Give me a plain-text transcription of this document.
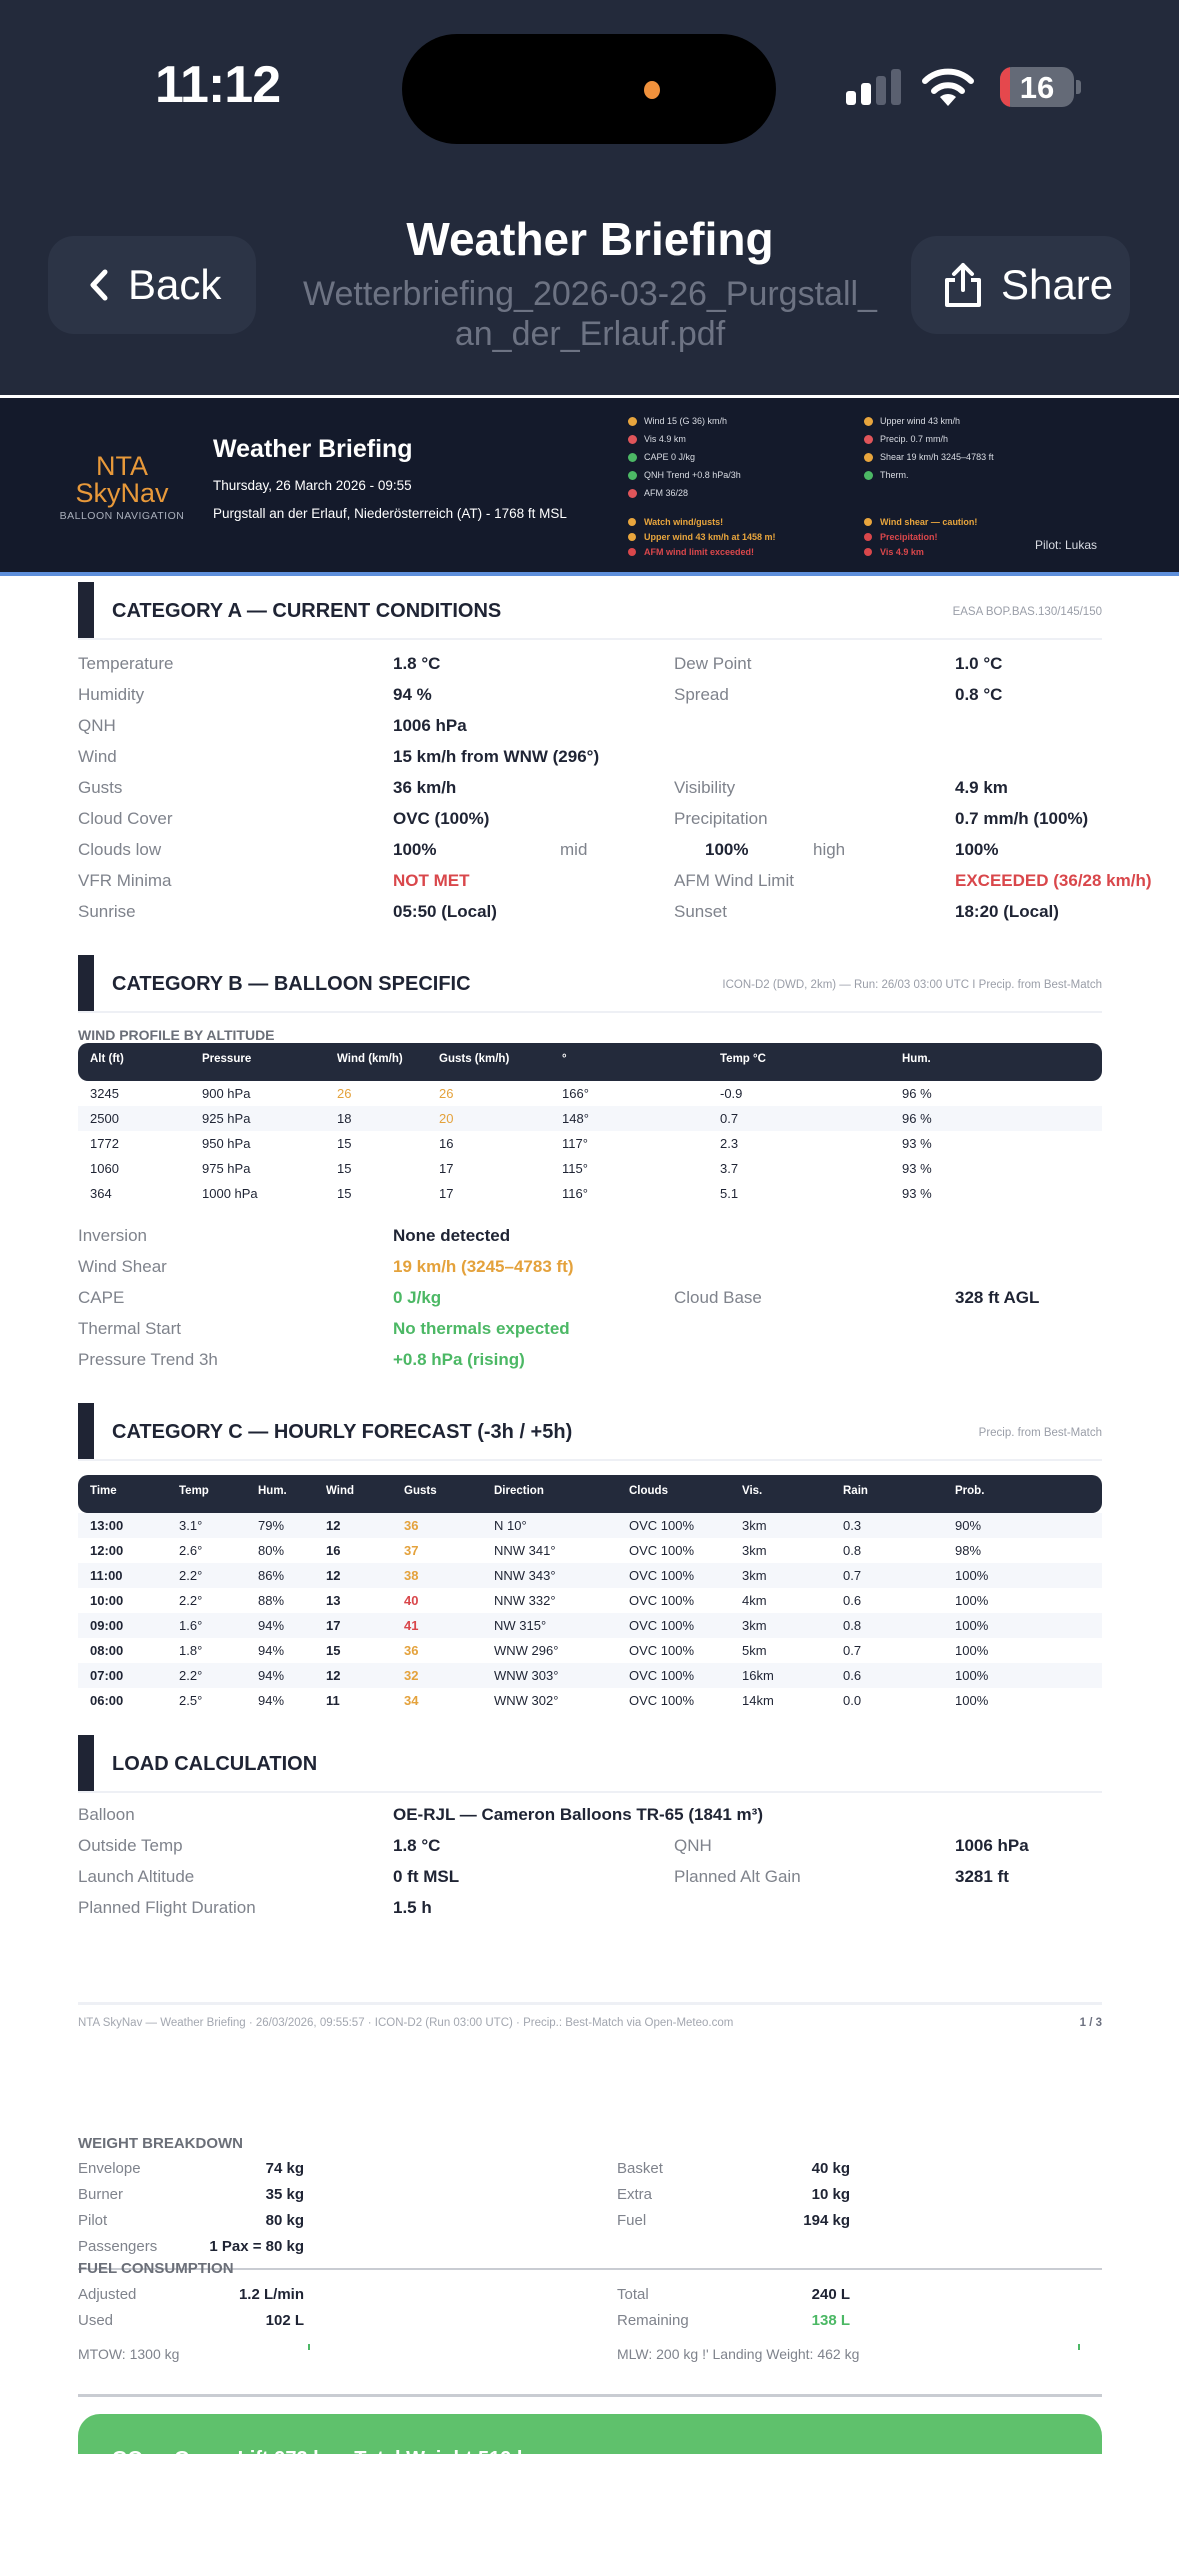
11:12	16
Back
Weather Briefing
Wetterbriefing_2026-03-26_Purgstall_an_der_Erlauf.pdf
Share
NTA
SkyNav
BALLOON NAVIGATION
Weather Briefing
Thursday, 26 March 2026 - 09:55
Purgstall an der Erlauf, Niederösterreich (AT) - 1768 ft MSL
Wind 15 (G 36) km/h
Vis 4.9 km
CAPE 0 J/kg
QNH Trend +0.8 hPa/3h
AFM 36/28
Upper wind 43 km/h
Precip. 0.7 mm/h
Shear 19 km/h 3245–4783 ft
Therm.
Watch wind/gusts!
Upper wind 43 km/h at 1458 m!
AFM wind limit exceeded!
Wind shear — caution!
Precipitation!
Vis 4.9 km	Pilot: Lukas
CATEGORY A — CURRENT CONDITIONS	EASA BOP.BAS.130/145/150
Temperature	1.8 °C	Dew Point	1.0 °C
Humidity	94 %	Spread	0.8 °C
QNH	1006 hPa
Wind	15 km/h from WNW (296°)
Gusts	36 km/h	Visibility	4.9 km
Cloud Cover	OVC (100%)	Precipitation	0.7 mm/h (100%)
Clouds low	100%	mid	100%	high	100%
VFR Minima	NOT MET	AFM Wind Limit	EXCEEDED (36/28 km/h)
Sunrise	05:50 (Local)	Sunset	18:20 (Local)
CATEGORY B — BALLOON SPECIFIC	ICON-D2 (DWD, 2km) — Run: 26/03 03:00 UTC I Precip. from Best-Match
WIND PROFILE BY ALTITUDE
Alt (ft)	Pressure	Wind (km/h)	Gusts (km/h)	°	Temp °C	Hum.
3245	900 hPa	26	26	166°	-0.9	96 %
2500	925 hPa	18	20	148°	0.7	96 %
1772	950 hPa	15	16	117°	2.3	93 %
1060	975 hPa	15	17	115°	3.7	93 %
364	1000 hPa	15	17	116°	5.1	93 %
Inversion	None detected
Wind Shear	19 km/h (3245–4783 ft)
CAPE	0 J/kg	Cloud Base	328 ft AGL
Thermal Start	No thermals expected
Pressure Trend 3h	+0.8 hPa (rising)
CATEGORY C — HOURLY FORECAST (-3h / +5h)	Precip. from Best-Match
Time	Temp	Hum.	Wind	Gusts	Direction	Clouds	Vis.	Rain	Prob.
13:00	3.1°	79%	12	36	N 10°	OVC 100%	3km	0.3	90%
12:00	2.6°	80%	16	37	NNW 341°	OVC 100%	3km	0.8	98%
11:00	2.2°	86%	12	38	NNW 343°	OVC 100%	3km	0.7	100%
10:00	2.2°	88%	13	40	NNW 332°	OVC 100%	4km	0.6	100%
09:00	1.6°	94%	17	41	NW 315°	OVC 100%	3km	0.8	100%
08:00	1.8°	94%	15	36	WNW 296°	OVC 100%	5km	0.7	100%
07:00	2.2°	94%	12	32	WNW 303°	OVC 100%	16km	0.6	100%
06:00	2.5°	94%	11	34	WNW 302°	OVC 100%	14km	0.0	100%
LOAD CALCULATION
Balloon	OE-RJL — Cameron Balloons TR-65 (1841 m³)
Outside Temp	1.8 °C	QNH	1006 hPa
Launch Altitude	0 ft MSL	Planned Alt Gain	3281 ft
Planned Flight Duration	1.5 h
NTA SkyNav — Weather Briefing · 26/03/2026, 09:55:57 · ICON-D2 (Run 03:00 UTC) · Precip.: Best-Match via Open-Meteo.com	1 / 3
WEIGHT BREAKDOWN
Envelope	74 kg	Basket	40 kg
Burner	35 kg	Extra	10 kg
Pilot	80 kg	Fuel	194 kg
Passengers	1 Pax = 80 kg
FUEL CONSUMPTION
Adjusted	1.2 L/min	Total	240 L
Used	102 L	Remaining	138 L
MTOW: 1300 kg	MLW: 200 kg !' Landing Weight: 462 kg
